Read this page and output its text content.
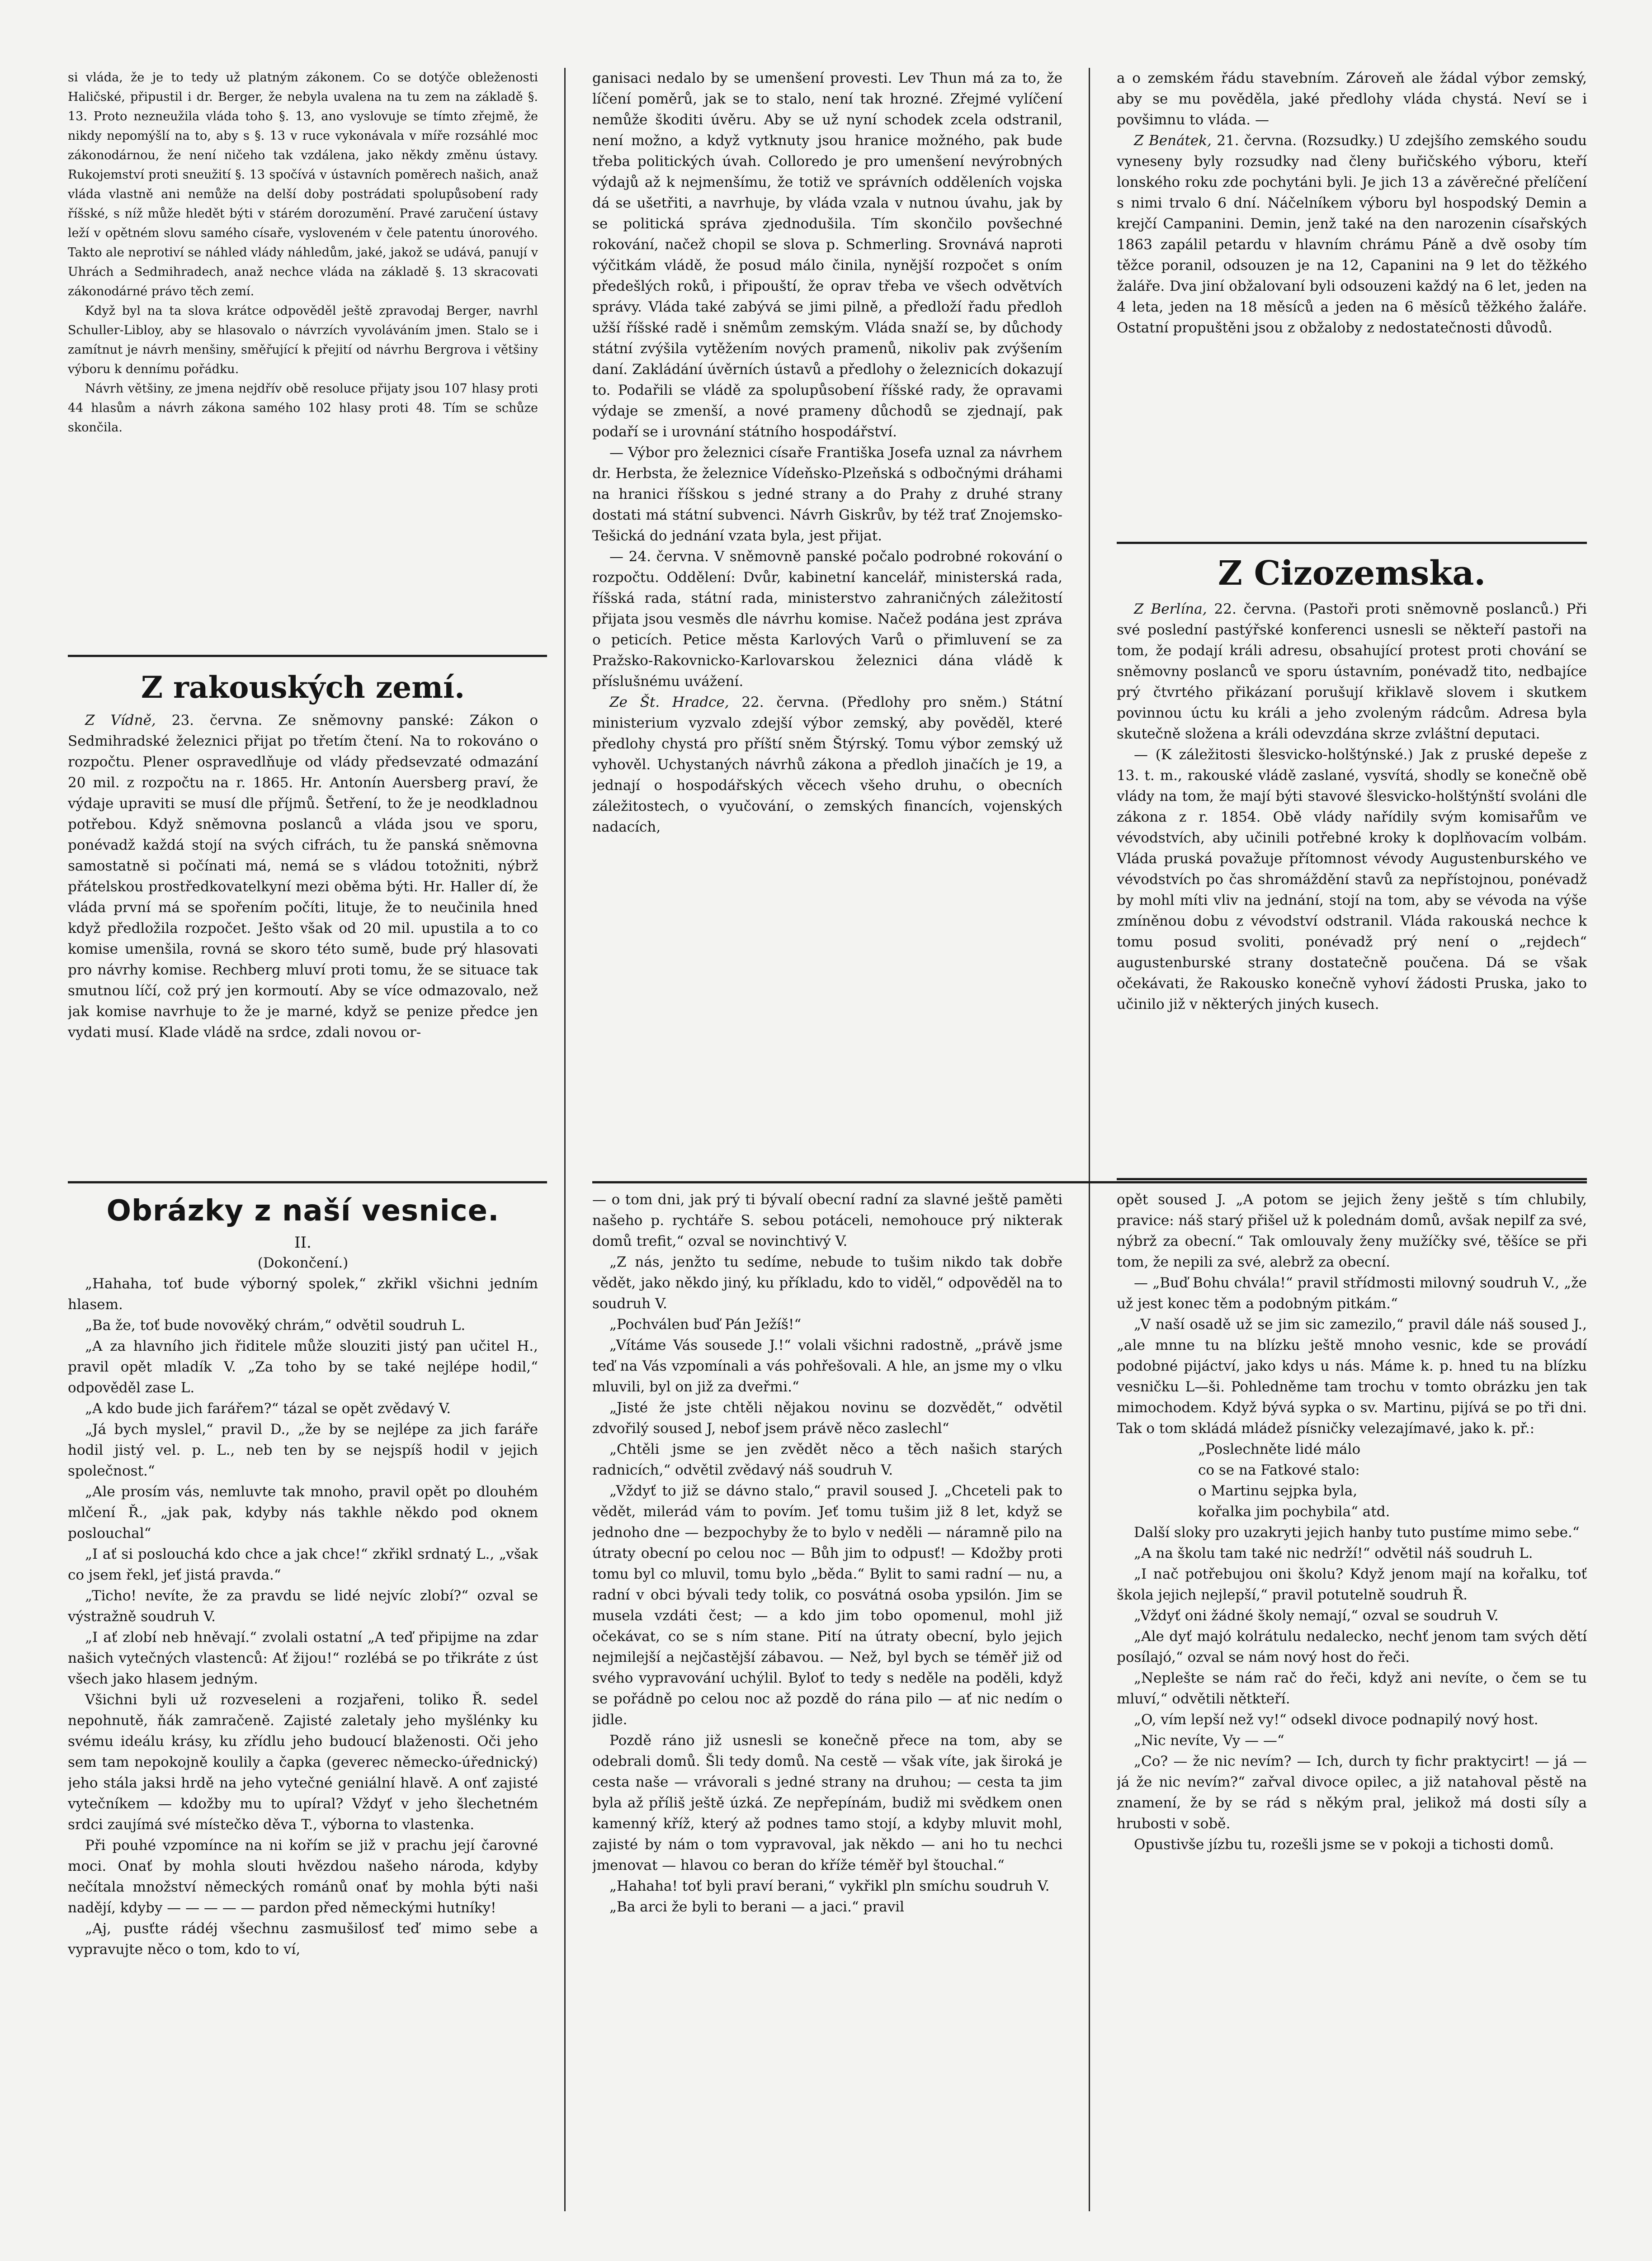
si vláda, že je to tedy už platným zákonem. Co se dotýče obleženosti Haličské, připustil i dr. Berger, že nebyla uvalena na tu zem na základě §. 13. Proto nezneužila vláda toho §. 13, ano vyslovuje se tímto zřejmě, že nikdy nepomýšlí na to, aby s §. 13 v ruce vykonávala v míře rozsáhlé moc zákonodárnou, že není ničeho tak vzdálena, jako někdy změnu ústavy. Rukojemství proti sneužití §. 13 spočívá v ústavních poměrech našich, anaž vláda vlastně ani nemůže na delší doby postrádati spolupůsobení rady říšské, s níž může hledět býti v stárém dorozumění. Pravé zaručení ústavy leží v opětném slovu samého císaře, vysloveném v čele patentu únorového. Takto ale neprotiví se náhled vlády náhledům, jaké, jakož se udává, panují v Uhrách a Sedmihradech, anaž nechce vláda na základě §. 13 skracovati zákonodárné právo těch zemí.

Když byl na ta slova krátce odpověděl ještě zpravodaj Berger, navrhl Schuller-Libloy, aby se hlasovalo o návrzích vyvoláváním jmen. Stalo se i zamítnut je návrh menšiny, směřující k přejití od návrhu Bergrova i většiny výboru k dennímu pořádku.

Návrh většiny, ze jmena nejdřív obě resoluce přijaty jsou 107 hlasy proti 44 hlasům a návrh zákona samého 102 hlasy proti 48. Tím se schůze skončila.

Z rakouských zemí.

Z Vídně, 23. června. Ze sněmovny panské: Zákon o Sedmihradské železnici přijat po třetím čtení. Na to rokováno o rozpočtu. Plener ospravedlňuje od vlády předsevzaté odmazání 20 mil. z rozpočtu na r. 1865. Hr. Antonín Auersberg praví, že výdaje upraviti se musí dle příjmů. Šetření, to že je neodkladnou potřebou. Když sněmovna poslanců a vláda jsou ve sporu, ponévadž každá stojí na svých cifrách, tu že panská sněmovna samostatně si počínati má, nemá se s vládou totožniti, nýbrž přátelskou prostředkovatelkyní mezi oběma býti. Hr. Haller dí, že vláda první má se spořením počíti, lituje, že to neučinila hned když předložila rozpočet. Ješto však od 20 mil. upustila a to co komise umenšila, rovná se skoro této sumě, bude prý hlasovati pro návrhy komise. Rechberg mluví proti tomu, že se situace tak smutnou líčí, což prý jen kormoutí. Aby se více odmazovalo, než jak komise navrhuje to že je marné, když se penize předce jen vydati musí. Klade vládě na srdce, zdali novou or-

Obrázky z naší vesnice.
II.
(Dokončení.)

„Hahaha, toť bude výborný spolek,“ zkřikl všichni jedním hlasem.

„Ba že, toť bude novověký chrám,“ odvětil soudruh L.

„A za hlavního jich řiditele může slouziti jistý pan učitel H., pravil opět mladík V. „Za toho by se také nejlépe hodil,“ odpověděl zase L.

„A kdo bude jich farářem?“ tázal se opět zvědavý V.

„Já bych myslel,“ pravil D., „že by se nejlépe za jich faráře hodil jistý vel. p. L., neb ten by se nejspíš hodil v jejich společnost.“

„Ale prosím vás, nemluvte tak mnoho, pravil opět po dlouhém mlčení Ř., „jak pak, kdyby nás takhle někdo pod oknem poslouchal“

„I ať si poslouchá kdo chce a jak chce!“ zkřikl srdnatý L., „však co jsem řekl, jeť jistá pravda.“

„Ticho! nevíte, že za pravdu se lidé nejvíc zlobí?“ ozval se výstražně soudruh V.

„I ať zlobí neb hněvají.“ zvolali ostatní „A teď připijme na zdar našich vytečných vlastenců: Ať žijou!“ rozlébá se po třikráte z úst všech jako hlasem jedným.

Všichni byli už rozveseleni a rozjařeni, toliko Ř. sedel nepohnutě, ňák zamračeně. Zajisté zaletaly jeho myšlénky ku svému ideálu krásy, ku zřídlu jeho budoucí blaženosti. Oči jeho sem tam nepokojně koulily a čapka (geverec německo-úřednický) jeho stála jaksi hrdě na jeho vytečné geniální hlavě. A onť zajisté vytečníkem — kdožby mu to upíral? Vždyť v jeho šlechetném srdci zaujímá své místečko děva T., výborna to vlastenka.

Při pouhé vzpomínce na ni kořím se již v prachu její čarovné moci. Onať by mohla slouti hvězdou našeho národa, kdyby nečítala množství německých románů onať by mohla býti naši nadějí, kdyby — — — — — pardon před německými hutníky!

„Aj, pusťte rádéj všechnu zasmušilosť teď mimo sebe a vypravujte něco o tom, kdo to ví,

ganisaci nedalo by se umenšení provesti. Lev Thun má za to, že líčení poměrů, jak se to stalo, není tak hrozné. Zřejmé vylíčení nemůže škoditi úvěru. Aby se už nyní schodek zcela odstranil, není možno, a když vytknuty jsou hranice možného, pak bude třeba politických úvah. Colloredo je pro umenšení nevýrobných výdajů až k nejmenšímu, že totiž ve správních odděleních vojska dá se ušetřiti, a navrhuje, by vláda vzala v nutnou úvahu, jak by se politická správa zjednodušila. Tím skončilo povšechné rokování, načež chopil se slova p. Schmerling. Srovnává naproti výčitkám vládě, že posud málo činila, nynější rozpočet s oním předešlých roků, i připouští, že oprav třeba ve všech odvětvích správy. Vláda také zabývá se jimi pilně, a předloží řadu předloh užší říšské radě i sněmům zemským. Vláda snaží se, by důchody státní zvýšila vytěžením nových pramenů, nikoliv pak zvýšením daní. Zakládání úvěrních ústavů a předlohy o železnicích dokazují to. Podařili se vládě za spolupůsobení říšské rady, že opravami výdaje se zmenší, a nové prameny důchodů se zjednají, pak podaří se i urovnání státního hospodářství.

— Výbor pro železnici císaře Františka Josefa uznal za návrhem dr. Herbsta, že železnice Vídeňsko-Plzeňská s odbočnými dráhami na hranici říšskou s jedné strany a do Prahy z druhé strany dostati má státní subvenci. Návrh Giskrův, by též trať Znojemsko-Tešická do jednání vzata byla, jest přijat.

— 24. června. V sněmovně panské počalo podrobné rokování o rozpočtu. Oddělení: Dvůr, kabinetní kancelář, ministerská rada, říšská rada, státní rada, ministerstvo zahraničných záležitostí přijata jsou vesměs dle návrhu komise. Načež podána jest zpráva o peticích. Petice města Karlových Varů o přimluvení se za Pražsko-Rakovnicko-Karlovarskou železnici dána vládě k příslušnému uvážení.

Ze Št. Hradce, 22. června. (Předlohy pro sněm.) Státní ministerium vyzvalo zdejší výbor zemský, aby pověděl, které předlohy chystá pro příští sněm Štýrský. Tomu výbor zemský už vyhověl. Uchystaných návrhů zákona a předloh jinačích je 19, a jednají o hospodářských věcech všeho druhu, o obecních záležitostech, o vyučování, o zemských financích, vojenských nadacích,

— o tom dni, jak prý ti bývalí obecní radní za slavné ještě paměti našeho p. rychtáře S. sebou potáceli, nemohouce prý nikterak domů trefit,“ ozval se novinchtivý V.

„Z nás, jenžto tu sedíme, nebude to tušim nikdo tak dobře vědět, jako někdo jiný, ku příkladu, kdo to viděl,“ odpověděl na to soudruh V.

„Pochválen buď Pán Ježíš!“

„Vítáme Vás sousede J.!“ volali všichni radostně, „právě jsme teď na Vás vzpomínali a vás pohřešovali. A hle, an jsme my o vlku mluvili, byl on již za dveřmi.“

„Jisté že jste chtěli nějakou novinu se dozvědět,“ odvětil zdvořilý soused J, nebof jsem právě něco zaslechl“

„Chtěli jsme se jen zvědět něco a těch našich starých radnicích,“ odvětil zvědavý náš soudruh V.

„Vždyť to již se dávno stalo,“ pravil soused J. „Chceteli pak to vědět, milerád vám to povím. Jeť tomu tušim již 8 let, když se jednoho dne — bezpochyby že to bylo v neděli — náramně pilo na útraty obecní po celou noc — Bůh jim to odpusť! — Kdožby proti tomu byl co mluvil, tomu bylo „běda.“ Bylit to sami radní — nu, a radní v obci bývali tedy tolik, co posvátná osoba ypsilón. Jim se musela vzdáti čest; — a kdo jim tobo opomenul, mohl již očekávat, co se s ním stane. Pití na útraty obecní, bylo jejich nejmilejší a nejčastější zábavou. — Než, byl bych se téměř již od svého vypravování uchýlil. Byloť to tedy s neděle na poděli, když se pořádně po celou noc až pozdě do rána pilo — ať nic nedím o jidle.

Pozdě ráno již usnesli se konečně přece na tom, aby se odebrali domů. Šli tedy domů. Na cestě — však víte, jak široká je cesta naše — vrávorali s jedné strany na druhou; — cesta ta jim byla až příliš ještě úzká. Ze nepřepínám, budiž mi svědkem onen kamenný kříž, který až podnes tamo stojí, a kdyby mluvit mohl, zajisté by nám o tom vypravoval, jak někdo — ani ho tu nechci jmenovat — hlavou co beran do kříže téměř byl štouchal.“

„Hahaha! toť byli praví berani,“ vykřikl pln smíchu soudruh V.

„Ba arci že byli to berani — a jaci.“ pravil

a o zemském řádu stavebním. Zároveň ale žádal výbor zemský, aby se mu pověděla, jaké předlohy vláda chystá. Neví se i povšimnu to vláda. —

Z Benátek, 21. června. (Rozsudky.) U zdejšího zemského soudu vyneseny byly rozsudky nad členy buřičského výboru, kteří lonského roku zde pochytáni byli. Je jich 13 a závěrečné přelíčení s nimi trvalo 6 dní. Náčelníkem výboru byl hospodský Demin a krejčí Campanini. Demin, jenž také na den narozenin císařských 1863 zapálil petardu v hlavním chrámu Páně a dvě osoby tím těžce poranil, odsouzen je na 12, Capanini na 9 let do těžkého žaláře. Dva jiní obžalovaní byli odsouzeni každý na 6 let, jeden na 4 leta, jeden na 18 měsíců a jeden na 6 měsíců těžkého žaláře. Ostatní propuštěni jsou z obžaloby z nedostatečnosti důvodů.

Z Cizozemska.

Z Berlína, 22. června. (Pastoři proti sněmovně poslanců.) Při své poslední pastýřské konferenci usnesli se někteří pastoři na tom, že podají králi adresu, obsahující protest proti chování se sněmovny poslanců ve sporu ústavním, ponévadž tito, nedbajíce prý čtvrtého přikázaní porušují křiklavě slovem i skutkem povinnou úctu ku králi a jeho zvoleným rádcům. Adresa byla skutečně složena a králi odevzdána skrze zvláštní deputaci.

— (K záležitosti šlesvicko-holštýnské.) Jak z pruské depeše z 13. t. m., rakouské vládě zaslané, vysvítá, shodly se konečně obě vlády na tom, že mají býti stavové šlesvicko-holštýnští svoláni dle zákona z r. 1854. Obě vlády nařídily svým komisařům ve vévodstvích, aby učinili potřebné kroky k doplňovacím volbám. Vláda pruská považuje přítomnost vévody Augustenburského ve vévodstvích po čas shromáždění stavů za nepřístojnou, ponévadž by mohl míti vliv na jednání, stojí na tom, aby se vévoda na výše zmíněnou dobu z vévodství odstranil. Vláda rakouská nechce k tomu posud svoliti, ponévadž prý není o „rejdech“ augustenburské strany dostatečně poučena. Dá se však očekávati, že Rakousko konečně vyhoví žádosti Pruska, jako to učinilo již v některých jiných kusech.

opět soused J. „A potom se jejich ženy ještě s tím chlubily, pravice: náš starý přišel už k polednám domů, avšak nepilf za své, nýbrž za obecní.“ Tak omlouvaly ženy mužíčky své, těšíce se při tom, že nepili za své, alebrž za obecní.

— „Buď Bohu chvála!“ pravil střídmosti milovný soudruh V., „že už jest konec těm a podobným pitkám.“

„V naší osadě už se jim sic zamezilo,“ pravil dále náš soused J., „ale mnne tu na blízku ještě mnoho vesnic, kde se provádí podobné pijáctví, jako kdys u nás. Máme k. p. hned tu na blízku vesničku L—ši. Pohledněme tam trochu v tomto obrázku jen tak mimochodem. Když bývá sypka o sv. Martinu, pijívá se po tři dni. Tak o tom skládá mládež písničky velezajímavé, jako k. př.:

„Poslechněte lidé málo

co se na Fatkové stalo:

o Martinu sejpka byla,

kořalka jim pochybila“ atd.

Další sloky pro uzakryti jejich hanby tuto pustíme mimo sebe.“

„A na školu tam také nic nedrží!“ odvětil náš soudruh L.

„I nač potřebujou oni školu? Když jenom mají na kořalku, toť škola jejich nejlepší,“ pravil potutelně soudruh Ř.

„Vždyť oni žádné školy nemají,“ ozval se soudruh V.

„Ale dyť majó kolrátulu nedalecko, nechť jenom tam svých dětí posílajó,“ ozval se nám nový host do řeči.

„Neplešte se nám rač do řeči, když ani nevíte, o čem se tu mluví,“ odvětili nětkteří.

„O, vím lepší než vy!“ odsekl divoce podnapilý nový host.

„Nic nevíte, Vy — —“

„Co? — že nic nevím? — Ich, durch ty fichr praktycirt! — já — já že nic nevím?“ zařval divoce opilec, a již natahoval pěstě na znamení, že by se rád s někým pral, jelikož má dosti síly a hrubosti v sobě.

Opustivše jízbu tu, rozešli jsme se v pokoji a tichosti domů.
